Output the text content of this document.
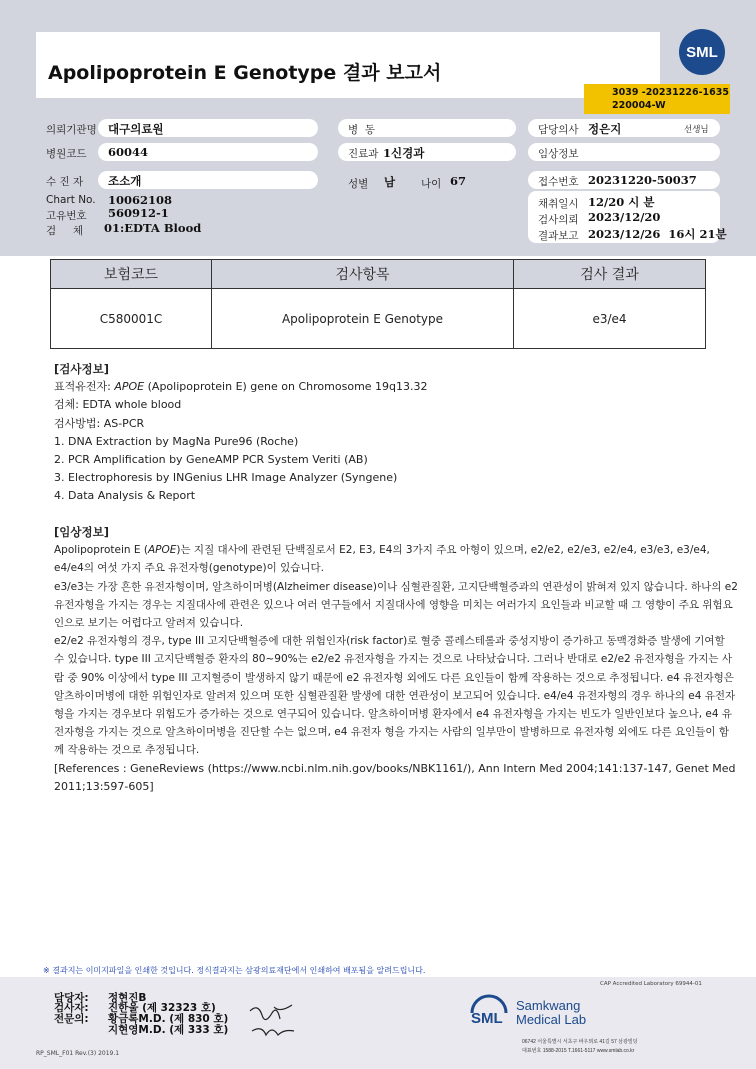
Apolipoprotein E Genotype 결과 보고서
SML
3039 -20231226-1635
220004-W
의뢰기관명 대구의료원
병원코드 60044
수 진 자 조소개
Chart No. 10062108
고유번호 560912-1
검     체 01:EDTA Blood
병  동
진료과 1신경과
성별 남 나이 67
담당의사 정은지	선생님
임상정보
접수번호 20231220-50037
채취일시 12/20 시 분
검사의뢰 2023/12/20
결과보고 2023/12/26  16시 21분
보험코드	검사항목	검사 결과
C580001C	Apolipoprotein E Genotype	e3/e4
[검사정보]
표적유전자: APOE (Apolipoprotein E) gene on Chromosome 19q13.32
검체: EDTA whole blood
검사방법: AS-PCR
1. DNA Extraction by MagNa Pure96 (Roche)
2. PCR Amplification by GeneAMP PCR System Veriti (AB)
3. Electrophoresis by INGenius LHR Image Analyzer (Syngene)
4. Data Analysis & Report
[임상정보]
Apolipoprotein E (APOE)는 지질 대사에 관련된 단백질로서 E2, E3, E4의 3가지 주요 아형이 있으며, e2/e2, e2/e3, e2/e4, e3/e3, e3/e4, e4/e4의 여섯 가지 주요 유전자형(genotype)이 있습니다.
e3/e3는 가장 흔한 유전자형이며, 알츠하이머병(Alzheimer disease)이나 심혈관질환, 고지단백혈증과의 연관성이 밝혀져 있지 않습니다. 하나의 e2 유전자형을 가지는 경우는 지질대사에 관련은 있으나 여러 연구들에서 지질대사에 영향을 미치는 여러가지 요인들과 비교할 때 그 영향이 주요 위험요인으로 보기는 어렵다고 알려져 있습니다.
e2/e2 유전자형의 경우, type III 고지단백혈증에 대한 위험인자(risk factor)로 혈중 콜레스테롤과 중성지방이 증가하고 동맥경화증 발생에 기여할 수 있습니다. type III 고지단백혈증 환자의 80~90%는 e2/e2 유전자형을 가지는 것으로 나타났습니다. 그러나 반대로 e2/e2 유전자형을 가지는 사람 중 90% 이상에서 type III 고지혈증이 발생하지 않기 때문에 e2 유전자형 외에도 다른 요인들이 함께 작용하는 것으로 추정됩니다. e4 유전자형은 알츠하이머병에 대한 위험인자로 알려져 있으며 또한 심혈관질환 발생에 대한 연관성이 보고되어 있습니다. e4/e4 유전자형의 경우 하나의 e4 유전자형을 가지는 경우보다 위험도가 증가하는 것으로 연구되어 있습니다. 알츠하이머병 환자에서 e4 유전자형을 가지는 빈도가 일반인보다 높으나, e4 유전자형을 가지는 것으로 알츠하이머병을 진단할 수는 없으며, e4 유전자 형을 가지는 사람의 일부만이 발병하므로 유전자형 외에도 다른 요인들이 함께 작용하는 것으로 추정됩니다.
[References : GeneReviews (https://www.ncbi.nlm.nih.gov/books/NBK1161/), Ann Intern Med 2004;141:137-147, Genet Med 2011;13:597-605]
※ 결과지는 이미지파일을 인쇄한 것입니다. 정식결과지는 삼광의료재단에서 인쇄하여 배포됨을 알려드립니다.
CAP Accredited Laboratory 69944-01
담당자: 정현진B
검사자: 진한울 (제 32323 호)
전문의: 황금록M.D. (제 830 호)
지현영M.D. (제 333 호)
RP_SML_F01 Rev.(3) 2019.1
SML
Samkwang
Medical Lab
06742 서울특별시 서초구 바우뫼로 41길 57 삼광빌딩
대표번호 1588-2015 T.1661-5117 www.smlab.co.kr
